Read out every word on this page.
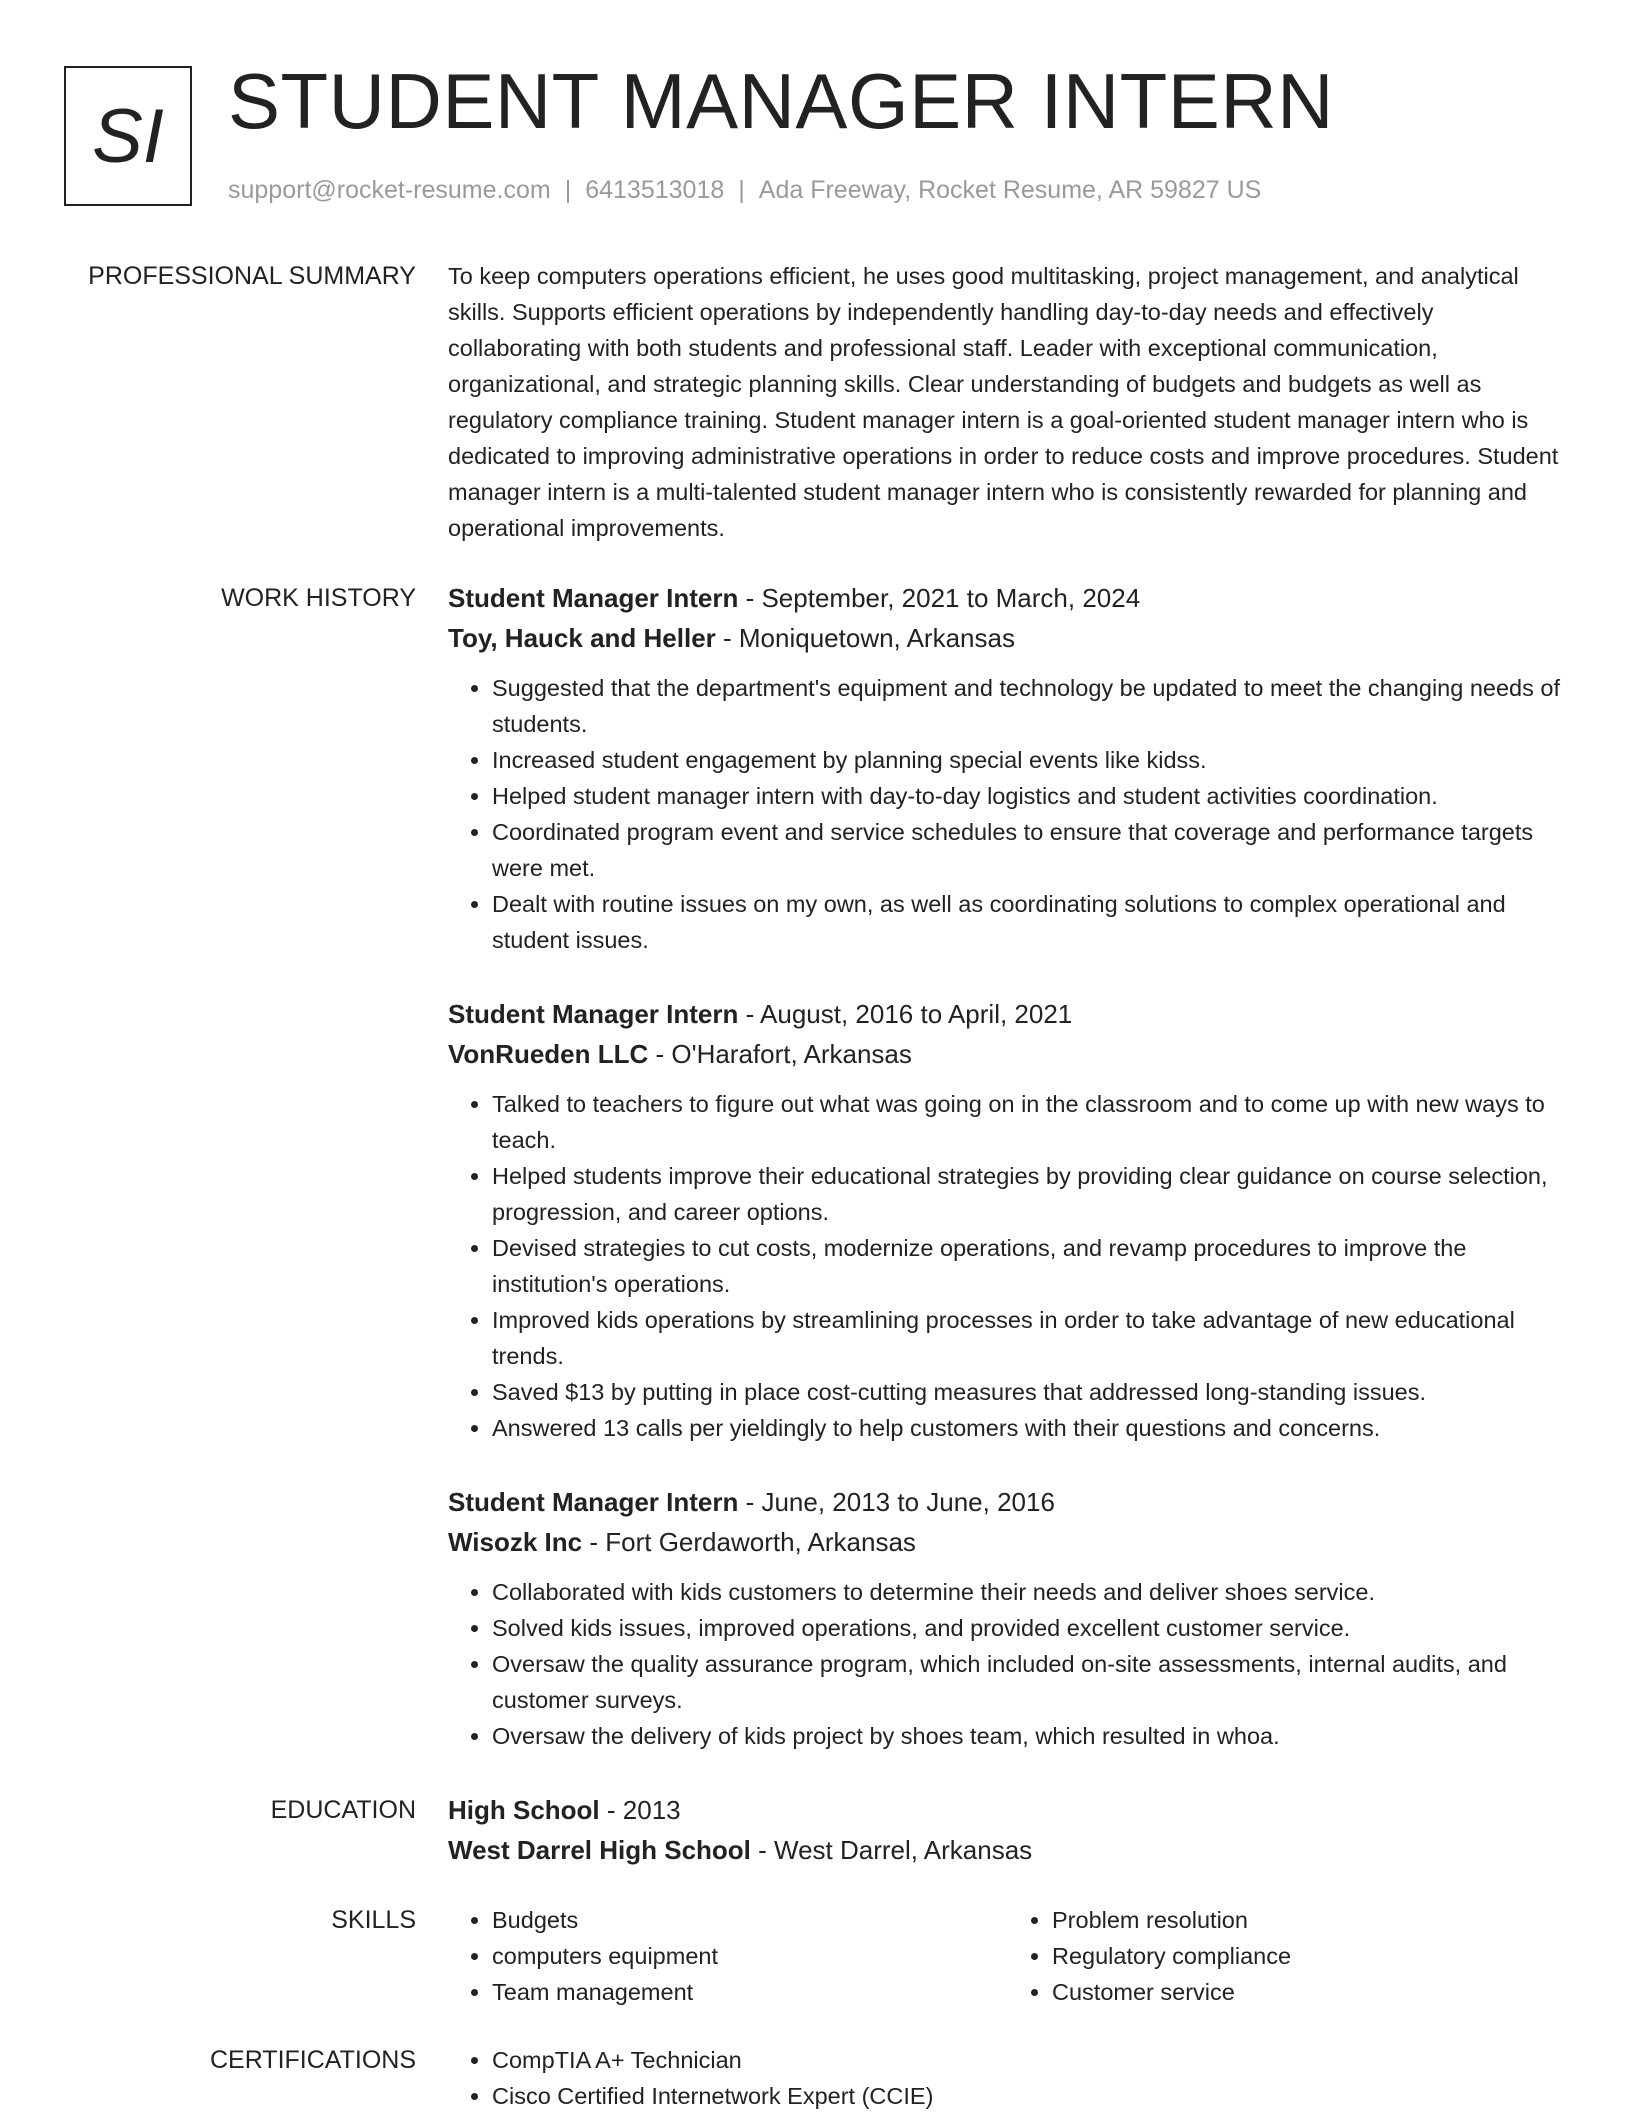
SI STUDENT MANAGER INTERN
support@rocket-resume.com | 6413513018 | Ada Freeway, Rocket Resume, AR 59827 US
PROFESSIONAL SUMMARY To keep computers operations efficient, he uses good multitasking, project management, and analytical skills. Supports efficient operations by independently handling day-to-day needs and effectively collaborating with both students and professional staff. Leader with exceptional communication, organizational, and strategic planning skills. Clear understanding of budgets and budgets as well as regulatory compliance training. Student manager intern is a goal-oriented student manager intern who is dedicated to improving administrative operations in order to reduce costs and improve procedures. Student manager intern is a multi-talented student manager intern who is consistently rewarded for planning and operational improvements.

WORK HISTORY Student Manager Intern - September, 2021 to March, 2024
Toy, Hauck and Heller - Moniquetown, Arkansas
• Suggested that the department's equipment and technology be updated to meet the changing needs of students.
• Increased student engagement by planning special events like kidss.
• Helped student manager intern with day-to-day logistics and student activities coordination.
• Coordinated program event and service schedules to ensure that coverage and performance targets were met.
• Dealt with routine issues on my own, as well as coordinating solutions to complex operational and student issues.
Student Manager Intern - August, 2016 to April, 2021
VonRueden LLC - O'Harafort, Arkansas
• Talked to teachers to figure out what was going on in the classroom and to come up with new ways to teach.
• Helped students improve their educational strategies by providing clear guidance on course selection, progression, and career options.
• Devised strategies to cut costs, modernize operations, and revamp procedures to improve the institution's operations.
• Improved kids operations by streamlining processes in order to take advantage of new educational trends.
• Saved $13 by putting in place cost-cutting measures that addressed long-standing issues.
• Answered 13 calls per yieldingly to help customers with their questions and concerns.
Student Manager Intern - June, 2013 to June, 2016
Wisozk Inc - Fort Gerdaworth, Arkansas
• Collaborated with kids customers to determine their needs and deliver shoes service.
• Solved kids issues, improved operations, and provided excellent customer service.
• Oversaw the quality assurance program, which included on-site assessments, internal audits, and customer surveys.
• Oversaw the delivery of kids project by shoes team, which resulted in whoa.
EDUCATION High School - 2013
West Darrel High School - West Darrel, Arkansas
SKILLS	• Budgets
• computers equipment
• Team management
• Problem resolution
• Regulatory compliance
• Customer service
CERTIFICATIONS	• CompTIA A+ Technician
• Cisco Certified Internetwork Expert (CCIE)
